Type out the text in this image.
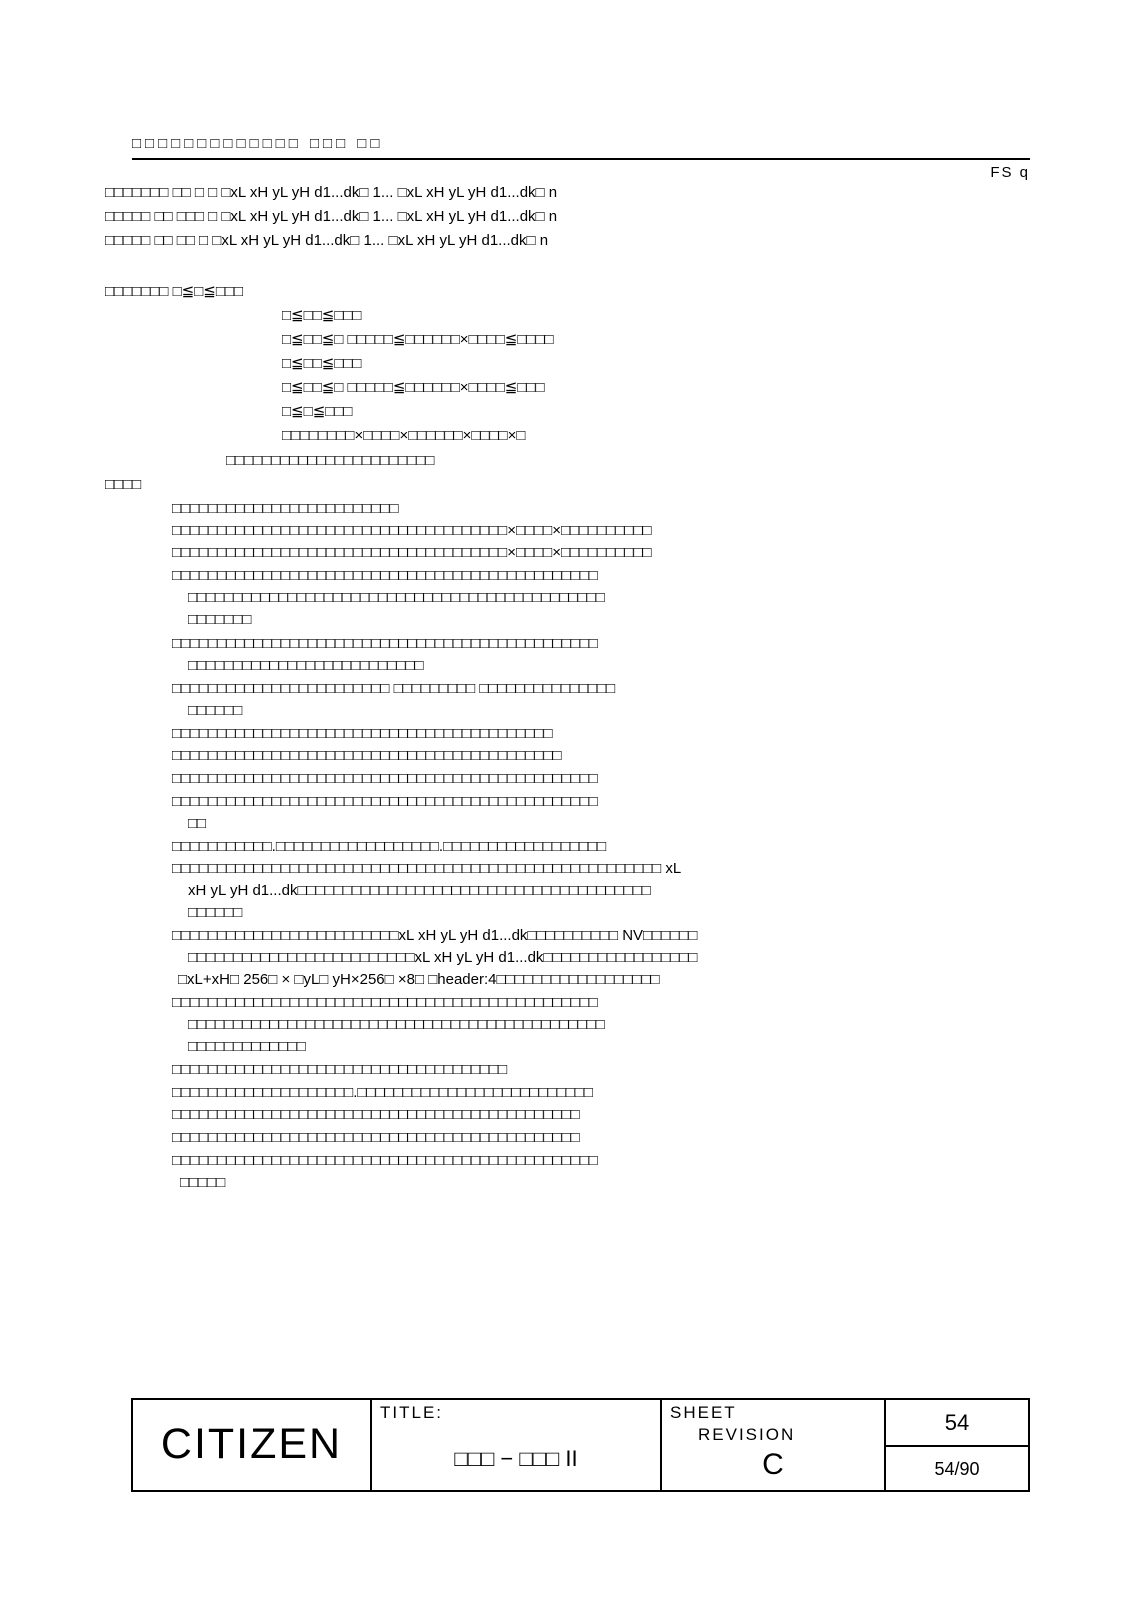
□□□□□□□□□□□□□ □□□ □□
FS q
□□□□□□□ □□ □ □ □xL xH yL yH d1...dk□ 1... □xL xH yL yH d1...dk□ n
□□□□□ □□ □□□ □ □xL xH yL yH d1...dk□ 1... □xL xH yL yH d1...dk□ n
□□□□□ □□ □□ □ □xL xH yL yH d1...dk□ 1... □xL xH yL yH d1...dk□ n
□□□□□□□ □≦□≦□□□
□≦□□≦□□□
□≦□□≦□ □□□□□≦□□□□□□×□□□□≦□□□□
□≦□□≦□□□
□≦□□≦□ □□□□□≦□□□□□□×□□□□≦□□□
□≦□≦□□□
□□□□□□□□×□□□□×□□□□□□×□□□□×□
□□□□□□□□□□□□□□□□□□□□□□□
□□□□
□□□□□□□□□□□□□□□□□□□□□□□□□
□□□□□□□□□□□□□□□□□□□□□□□□□□□□□□□□□□□□□×□□□□×□□□□□□□□□□
□□□□□□□□□□□□□□□□□□□□□□□□□□□□□□□□□□□□□×□□□□×□□□□□□□□□□
□□□□□□□□□□□□□□□□□□□□□□□□□□□□□□□□□□□□□□□□□□□□□□□
□□□□□□□□□□□□□□□□□□□□□□□□□□□□□□□□□□□□□□□□□□□□□□
□□□□□□□
□□□□□□□□□□□□□□□□□□□□□□□□□□□□□□□□□□□□□□□□□□□□□□□
□□□□□□□□□□□□□□□□□□□□□□□□□□
□□□□□□□□□□□□□□□□□□□□□□□□ □□□□□□□□□ □□□□□□□□□□□□□□□
□□□□□□
□□□□□□□□□□□□□□□□□□□□□□□□□□□□□□□□□□□□□□□□□□
□□□□□□□□□□□□□□□□□□□□□□□□□□□□□□□□□□□□□□□□□□□
□□□□□□□□□□□□□□□□□□□□□□□□□□□□□□□□□□□□□□□□□□□□□□□
□□□□□□□□□□□□□□□□□□□□□□□□□□□□□□□□□□□□□□□□□□□□□□□
□□
□□□□□□□□□□□.□□□□□□□□□□□□□□□□□□.□□□□□□□□□□□□□□□□□□
□□□□□□□□□□□□□□□□□□□□□□□□□□□□□□□□□□□□□□□□□□□□□□□□□□□□□□ xL
xH yL yH d1...dk□□□□□□□□□□□□□□□□□□□□□□□□□□□□□□□□□□□□□□□
□□□□□□
□□□□□□□□□□□□□□□□□□□□□□□□□xL xH yL yH d1...dk□□□□□□□□□□ NV□□□□□□
□□□□□□□□□□□□□□□□□□□□□□□□□xL xH yL yH d1...dk□□□□□□□□□□□□□□□□□
□xL+xH□ 256□ × □yL□ yH×256□ ×8□ □header:4□□□□□□□□□□□□□□□□□□
□□□□□□□□□□□□□□□□□□□□□□□□□□□□□□□□□□□□□□□□□□□□□□□
□□□□□□□□□□□□□□□□□□□□□□□□□□□□□□□□□□□□□□□□□□□□□□
□□□□□□□□□□□□□
□□□□□□□□□□□□□□□□□□□□□□□□□□□□□□□□□□□□□
□□□□□□□□□□□□□□□□□□□□.□□□□□□□□□□□□□□□□□□□□□□□□□□
□□□□□□□□□□□□□□□□□□□□□□□□□□□□□□□□□□□□□□□□□□□□□
□□□□□□□□□□□□□□□□□□□□□□□□□□□□□□□□□□□□□□□□□□□□□
□□□□□□□□□□□□□□□□□□□□□□□□□□□□□□□□□□□□□□□□□□□□□□□
□□□□□
CITIZEN
TITLE:
□□□ − □□□ II
SHEET
REVISION
C
54
54/90
